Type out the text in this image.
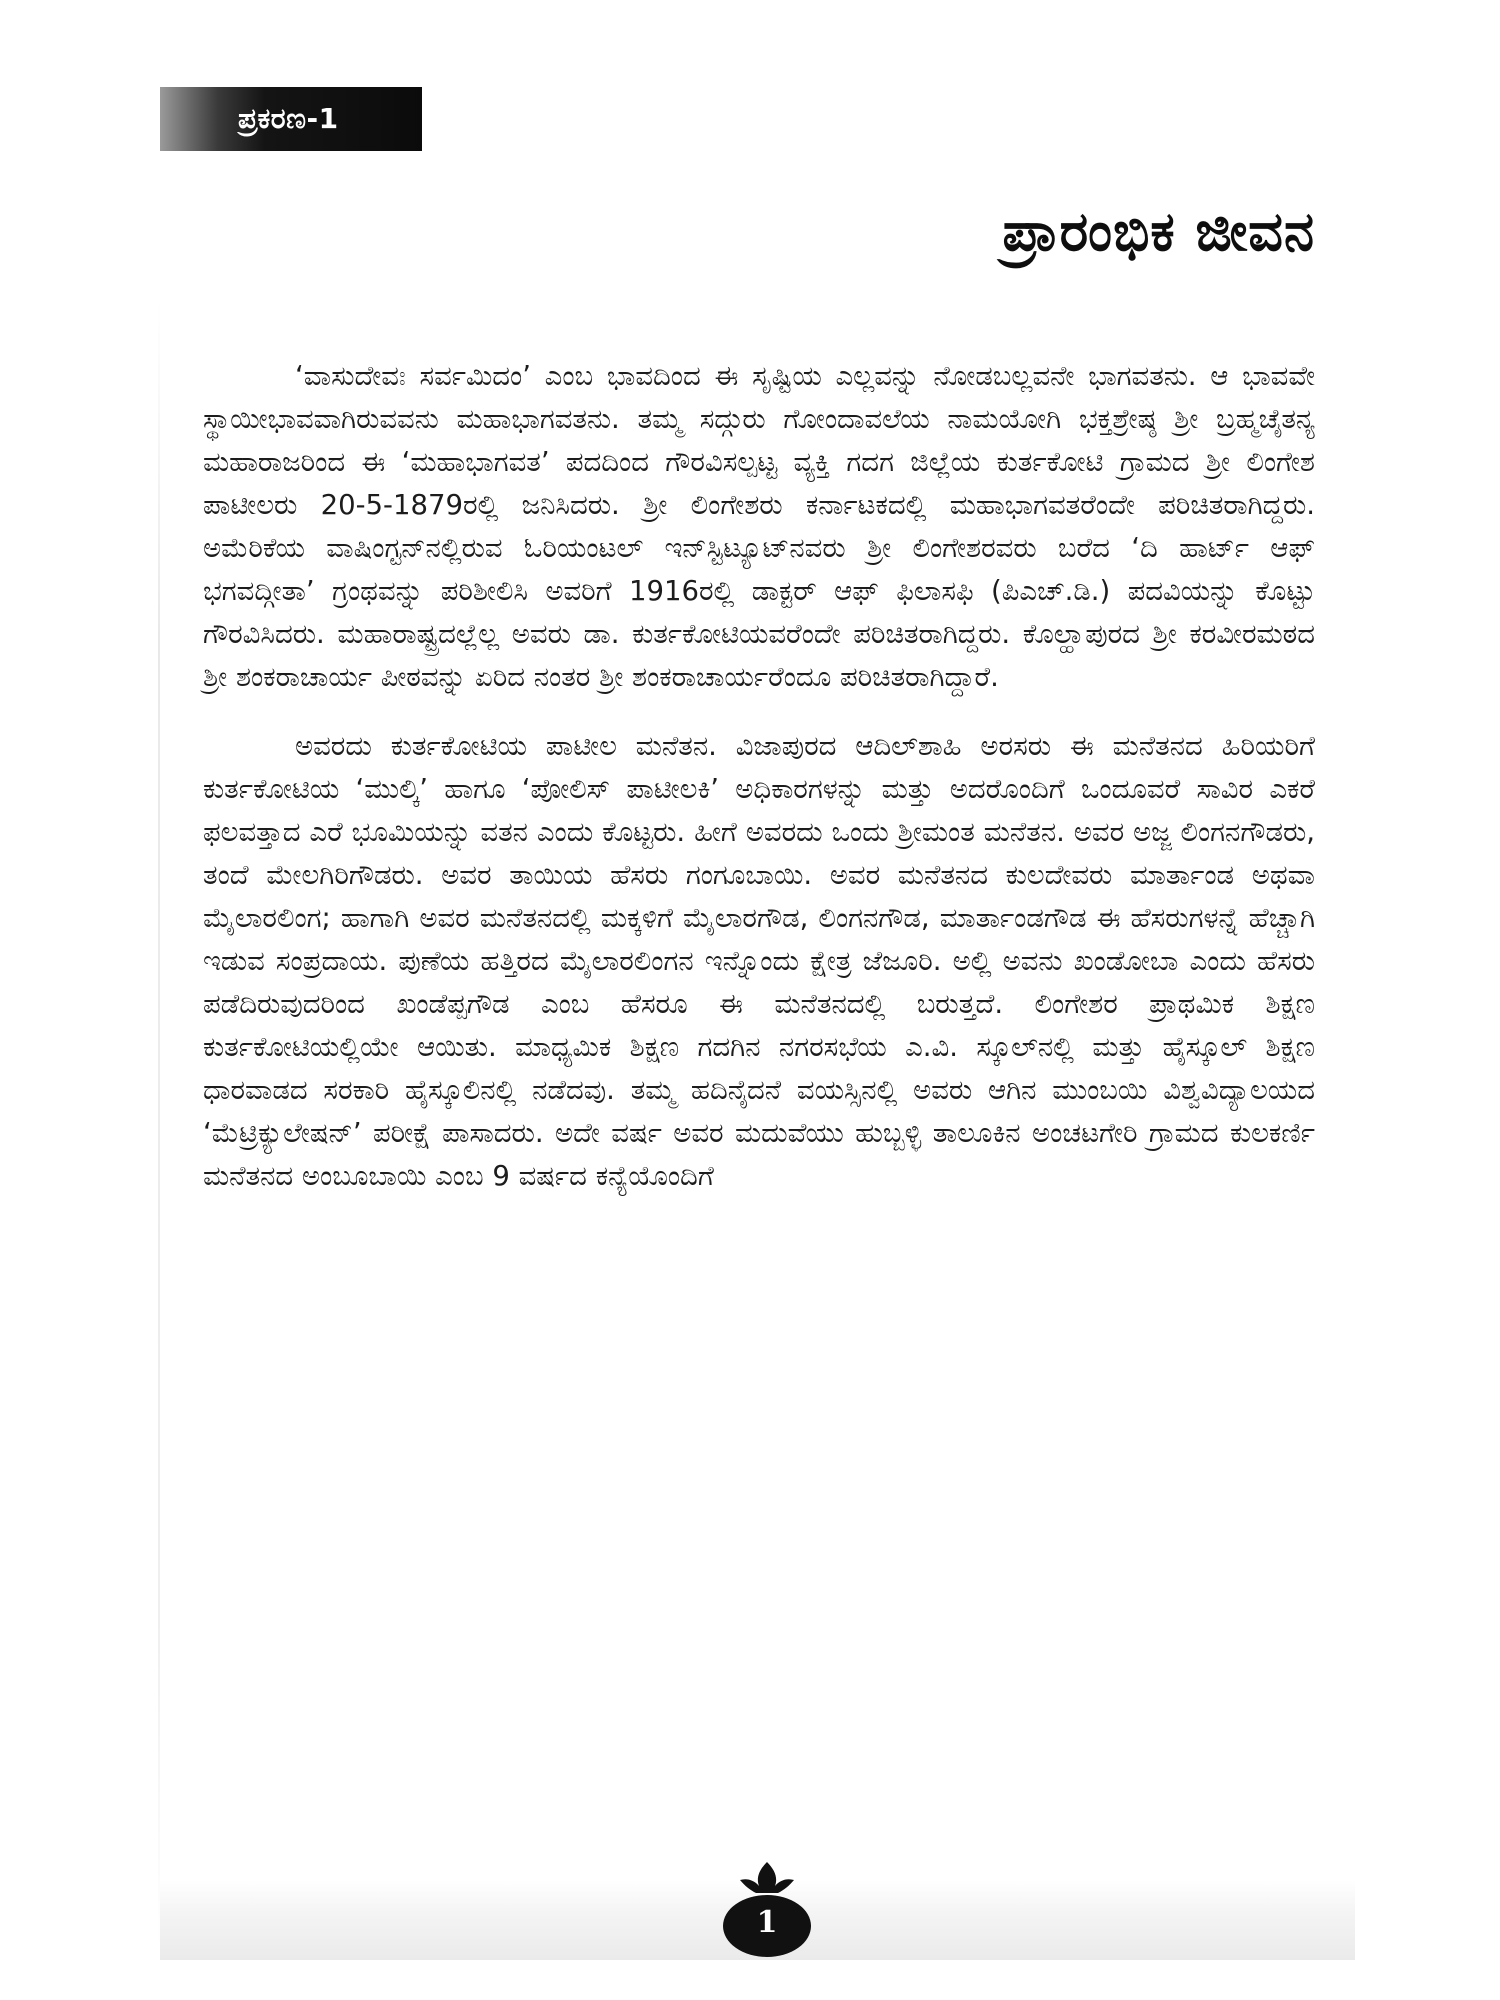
ಪ್ರಕರಣ-1
ಪ್ರಾರಂಭಿಕ ಜೀವನ

‘ವಾಸುದೇವಃ ಸರ್ವಮಿದಂ’ ಎಂಬ ಭಾವದಿಂದ ಈ ಸೃಷ್ಟಿಯ ಎಲ್ಲವನ್ನು ನೋಡಬಲ್ಲವನೇ ಭಾಗವತನು. ಆ ಭಾವವೇ ಸ್ಥಾಯೀಭಾವವಾಗಿರುವವನು ಮಹಾಭಾಗವತನು. ತಮ್ಮ ಸದ್ಗುರು ಗೋಂದಾವಲೆಯ ನಾಮಯೋಗಿ ಭಕ್ತಶ್ರೇಷ್ಠ ಶ್ರೀ ಬ್ರಹ್ಮಚೈತನ್ಯ ಮಹಾರಾಜರಿಂದ ಈ ‘ಮಹಾಭಾಗವತ’ ಪದದಿಂದ ಗೌರವಿಸಲ್ಪಟ್ಟ ವ್ಯಕ್ತಿ ಗದಗ ಜಿಲ್ಲೆಯ ಕುರ್ತಕೋಟಿ ಗ್ರಾಮದ ಶ್ರೀ ಲಿಂಗೇಶ ಪಾಟೀಲರು 20-5-1879ರಲ್ಲಿ ಜನಿಸಿದರು. ಶ್ರೀ ಲಿಂಗೇಶರು ಕರ್ನಾಟಕದಲ್ಲಿ ಮಹಾಭಾಗವತರೆಂದೇ ಪರಿಚಿತರಾಗಿದ್ದರು. ಅಮೆರಿಕೆಯ ವಾಷಿಂಗ್ಟನ್‌ನಲ್ಲಿರುವ ಓರಿಯಂಟಲ್ ಇನ್‌ಸ್ಟಿಟ್ಯೂಟ್‌ನವರು ಶ್ರೀ ಲಿಂಗೇಶರವರು ಬರೆದ ‘ದಿ ಹಾರ್ಟ್ ಆಫ್ ಭಗವದ್ಗೀತಾ’ ಗ್ರಂಥವನ್ನು ಪರಿಶೀಲಿಸಿ ಅವರಿಗೆ 1916ರಲ್ಲಿ ಡಾಕ್ಟರ್ ಆಫ್ ಫಿಲಾಸಫಿ (ಪಿಎಚ್.ಡಿ.) ಪದವಿಯನ್ನು ಕೊಟ್ಟು ಗೌರವಿಸಿದರು. ಮಹಾರಾಷ್ಟ್ರದಲ್ಲೆಲ್ಲ ಅವರು ಡಾ. ಕುರ್ತಕೋಟಿಯವರೆಂದೇ ಪರಿಚಿತರಾಗಿದ್ದರು. ಕೊಲ್ಹಾಪುರದ ಶ್ರೀ ಕರವೀರಮಠದ ಶ್ರೀ ಶಂಕರಾಚಾರ್ಯ ಪೀಠವನ್ನು ಏರಿದ ನಂತರ ಶ್ರೀ ಶಂಕರಾಚಾರ್ಯರೆಂದೂ ಪರಿಚಿತರಾಗಿದ್ದಾರೆ.

ಅವರದು ಕುರ್ತಕೋಟಿಯ ಪಾಟೀಲ ಮನೆತನ. ವಿಜಾಪುರದ ಆದಿಲ್‌ಶಾಹಿ ಅರಸರು ಈ ಮನೆತನದ ಹಿರಿಯರಿಗೆ ಕುರ್ತಕೋಟಿಯ ‘ಮುಲ್ಕಿ’ ಹಾಗೂ ‘ಪೋಲಿಸ್ ಪಾಟೀಲಕಿ’ ಅಧಿಕಾರಗಳನ್ನು ಮತ್ತು ಅದರೊಂದಿಗೆ ಒಂದೂವರೆ ಸಾವಿರ ಎಕರೆ ಫಲವತ್ತಾದ ಎರೆ ಭೂಮಿಯನ್ನು ವತನ ಎಂದು ಕೊಟ್ಟರು. ಹೀಗೆ ಅವರದು ಒಂದು ಶ್ರೀಮಂತ ಮನೆತನ. ಅವರ ಅಜ್ಜ ಲಿಂಗನಗೌಡರು, ತಂದೆ ಮೇಲಗಿರಿಗೌಡರು. ಅವರ ತಾಯಿಯ ಹೆಸರು ಗಂಗೂಬಾಯಿ. ಅವರ ಮನೆತನದ ಕುಲದೇವರು ಮಾರ್ತಾಂಡ ಅಥವಾ ಮೈಲಾರಲಿಂಗ; ಹಾಗಾಗಿ ಅವರ ಮನೆತನದಲ್ಲಿ ಮಕ್ಕಳಿಗೆ ಮೈಲಾರಗೌಡ, ಲಿಂಗನಗೌಡ, ಮಾರ್ತಾಂಡಗೌಡ ಈ ಹೆಸರುಗಳನ್ನೆ ಹೆಚ್ಚಾಗಿ ಇಡುವ ಸಂಪ್ರದಾಯ. ಪುಣೆಯ ಹತ್ತಿರದ ಮೈಲಾರಲಿಂಗನ ಇನ್ನೊಂದು ಕ್ಷೇತ್ರ ಜೆಜೂರಿ. ಅಲ್ಲಿ ಅವನು ಖಂಡೋಬಾ ಎಂದು ಹೆಸರು ಪಡೆದಿರುವುದರಿಂದ ಖಂಡೆಪ್ಪಗೌಡ ಎಂಬ ಹೆಸರೂ ಈ ಮನೆತನದಲ್ಲಿ ಬರುತ್ತದೆ. ಲಿಂಗೇಶರ ಪ್ರಾಥಮಿಕ ಶಿಕ್ಷಣ ಕುರ್ತಕೋಟಿಯಲ್ಲಿಯೇ ಆಯಿತು. ಮಾಧ್ಯಮಿಕ ಶಿಕ್ಷಣ ಗದಗಿನ ನಗರಸಭೆಯ ಎ.ವಿ. ಸ್ಕೂಲ್‌ನಲ್ಲಿ ಮತ್ತು ಹೈಸ್ಕೂಲ್ ಶಿಕ್ಷಣ ಧಾರವಾಡದ ಸರಕಾರಿ ಹೈಸ್ಕೂಲಿನಲ್ಲಿ ನಡೆದವು. ತಮ್ಮ ಹದಿನೈದನೆ ವಯಸ್ಸಿನಲ್ಲಿ ಅವರು ಆಗಿನ ಮುಂಬಯಿ ವಿಶ್ವವಿದ್ಯಾಲಯದ ‘ಮೆಟ್ರಿಕ್ಯುಲೇಷನ್’ ಪರೀಕ್ಷೆ ಪಾಸಾದರು. ಅದೇ ವರ್ಷ ಅವರ ಮದುವೆಯು ಹುಬ್ಬಳ್ಳಿ ತಾಲೂಕಿನ ಅಂಚಟಗೇರಿ ಗ್ರಾಮದ ಕುಲಕರ್ಣಿ ಮನೆತನದ ಅಂಬೂಬಾಯಿ ಎಂಬ 9 ವರ್ಷದ ಕನ್ಯೆಯೊಂದಿಗೆ

1
